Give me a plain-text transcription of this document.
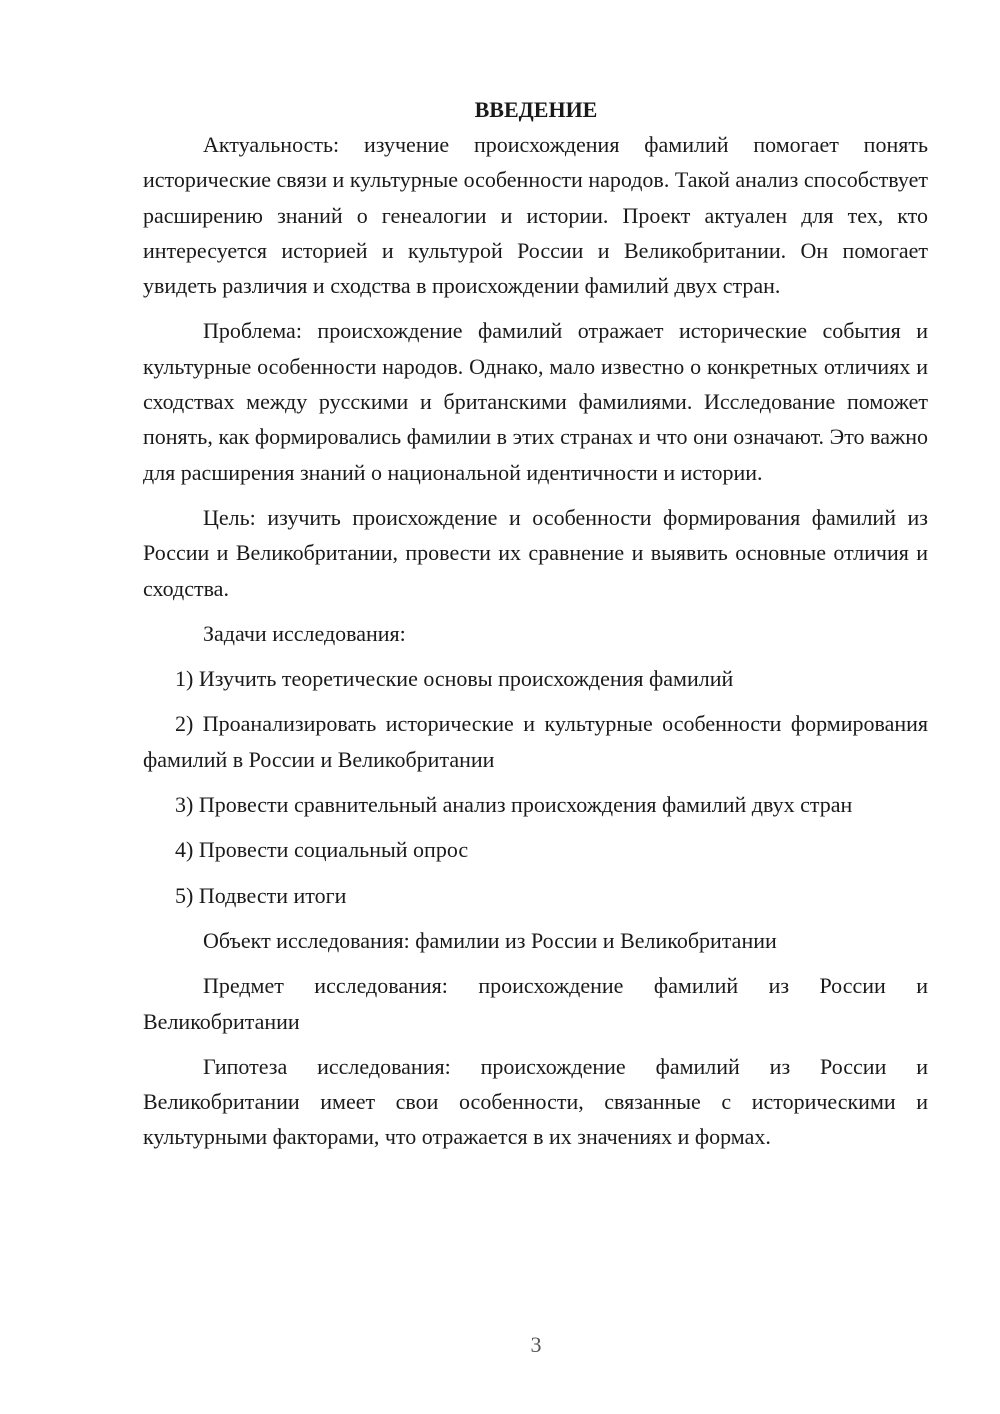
ВВЕДЕНИЕ

Актуальность: изучение происхождения фамилий помогает понять исторические связи и культурные особенности народов. Такой анализ способствует расширению знаний о генеалогии и истории. Проект актуален для тех, кто интересуется историей и культурой России и Великобритании. Он помогает увидеть различия и сходства в происхождении фамилий двух стран.

Проблема: происхождение фамилий отражает исторические события и культурные особенности народов. Однако, мало известно о конкретных отличиях и сходствах между русскими и британскими фамилиями. Исследование поможет понять, как формировались фамилии в этих странах и что они означают. Это важно для расширения знаний о национальной идентичности и истории.

Цель: изучить происхождение и особенности формирования фамилий из России и Великобритании, провести их сравнение и выявить основные отличия и сходства.

Задачи исследования:

1) Изучить теоретические основы происхождения фамилий

2) Проанализировать исторические и культурные особенности формирования фамилий в России и Великобритании

3) Провести сравнительный анализ происхождения фамилий двух стран

4) Провести социальный опрос

5) Подвести итоги

Объект исследования: фамилии из России и Великобритании

Предмет исследования: происхождение фамилий из России и Великобритании

Гипотеза исследования: происхождение фамилий из России и Великобритании имеет свои особенности, связанные с историческими и культурными факторами, что отражается в их значениях и формах.

3
